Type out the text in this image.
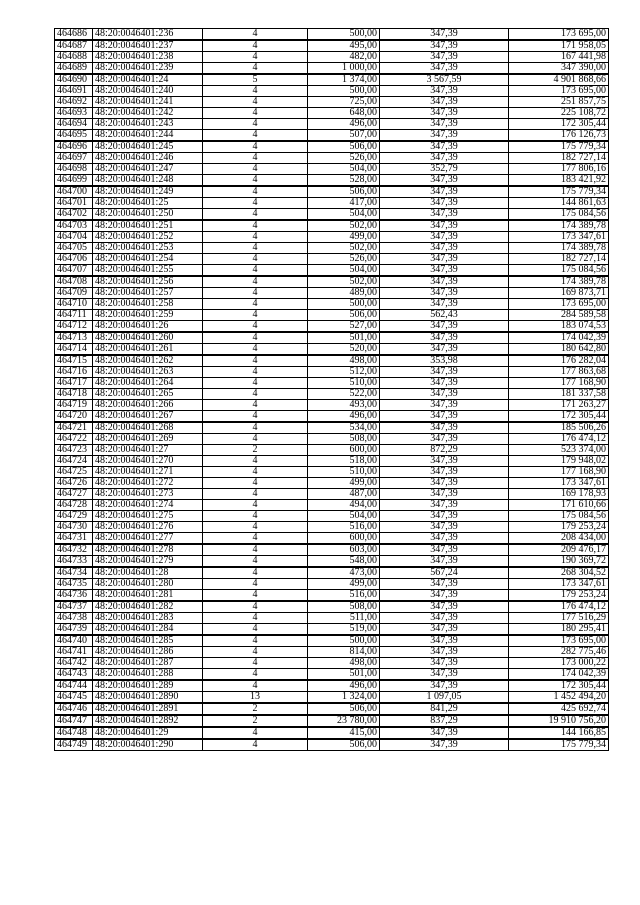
464686	48:20:0046401:236	4	500,00	347,39	173 695,00
464687	48:20:0046401:237	4	495,00	347,39	171 958,05
464688	48:20:0046401:238	4	482,00	347,39	167 441,98
464689	48:20:0046401:239	4	1 000,00	347,39	347 390,00
464690	48:20:0046401:24	5	1 374,00	3 567,59	4 901 868,66
464691	48:20:0046401:240	4	500,00	347,39	173 695,00
464692	48:20:0046401:241	4	725,00	347,39	251 857,75
464693	48:20:0046401:242	4	648,00	347,39	225 108,72
464694	48:20:0046401:243	4	496,00	347,39	172 305,44
464695	48:20:0046401:244	4	507,00	347,39	176 126,73
464696	48:20:0046401:245	4	506,00	347,39	175 779,34
464697	48:20:0046401:246	4	526,00	347,39	182 727,14
464698	48:20:0046401:247	4	504,00	352,79	177 806,16
464699	48:20:0046401:248	4	528,00	347,39	183 421,92
464700	48:20:0046401:249	4	506,00	347,39	175 779,34
464701	48:20:0046401:25	4	417,00	347,39	144 861,63
464702	48:20:0046401:250	4	504,00	347,39	175 084,56
464703	48:20:0046401:251	4	502,00	347,39	174 389,78
464704	48:20:0046401:252	4	499,00	347,39	173 347,61
464705	48:20:0046401:253	4	502,00	347,39	174 389,78
464706	48:20:0046401:254	4	526,00	347,39	182 727,14
464707	48:20:0046401:255	4	504,00	347,39	175 084,56
464708	48:20:0046401:256	4	502,00	347,39	174 389,78
464709	48:20:0046401:257	4	489,00	347,39	169 873,71
464710	48:20:0046401:258	4	500,00	347,39	173 695,00
464711	48:20:0046401:259	4	506,00	562,43	284 589,58
464712	48:20:0046401:26	4	527,00	347,39	183 074,53
464713	48:20:0046401:260	4	501,00	347,39	174 042,39
464714	48:20:0046401:261	4	520,00	347,39	180 642,80
464715	48:20:0046401:262	4	498,00	353,98	176 282,04
464716	48:20:0046401:263	4	512,00	347,39	177 863,68
464717	48:20:0046401:264	4	510,00	347,39	177 168,90
464718	48:20:0046401:265	4	522,00	347,39	181 337,58
464719	48:20:0046401:266	4	493,00	347,39	171 263,27
464720	48:20:0046401:267	4	496,00	347,39	172 305,44
464721	48:20:0046401:268	4	534,00	347,39	185 506,26
464722	48:20:0046401:269	4	508,00	347,39	176 474,12
464723	48:20:0046401:27	2	600,00	872,29	523 374,00
464724	48:20:0046401:270	4	518,00	347,39	179 948,02
464725	48:20:0046401:271	4	510,00	347,39	177 168,90
464726	48:20:0046401:272	4	499,00	347,39	173 347,61
464727	48:20:0046401:273	4	487,00	347,39	169 178,93
464728	48:20:0046401:274	4	494,00	347,39	171 610,66
464729	48:20:0046401:275	4	504,00	347,39	175 084,56
464730	48:20:0046401:276	4	516,00	347,39	179 253,24
464731	48:20:0046401:277	4	600,00	347,39	208 434,00
464732	48:20:0046401:278	4	603,00	347,39	209 476,17
464733	48:20:0046401:279	4	548,00	347,39	190 369,72
464734	48:20:0046401:28	4	473,00	567,24	268 304,52
464735	48:20:0046401:280	4	499,00	347,39	173 347,61
464736	48:20:0046401:281	4	516,00	347,39	179 253,24
464737	48:20:0046401:282	4	508,00	347,39	176 474,12
464738	48:20:0046401:283	4	511,00	347,39	177 516,29
464739	48:20:0046401:284	4	519,00	347,39	180 295,41
464740	48:20:0046401:285	4	500,00	347,39	173 695,00
464741	48:20:0046401:286	4	814,00	347,39	282 775,46
464742	48:20:0046401:287	4	498,00	347,39	173 000,22
464743	48:20:0046401:288	4	501,00	347,39	174 042,39
464744	48:20:0046401:289	4	496,00	347,39	172 305,44
464745	48:20:0046401:2890	13	1 324,00	1 097,05	1 452 494,20
464746	48:20:0046401:2891	2	506,00	841,29	425 692,74
464747	48:20:0046401:2892	2	23 780,00	837,29	19 910 756,20
464748	48:20:0046401:29	4	415,00	347,39	144 166,85
464749	48:20:0046401:290	4	506,00	347,39	175 779,34
